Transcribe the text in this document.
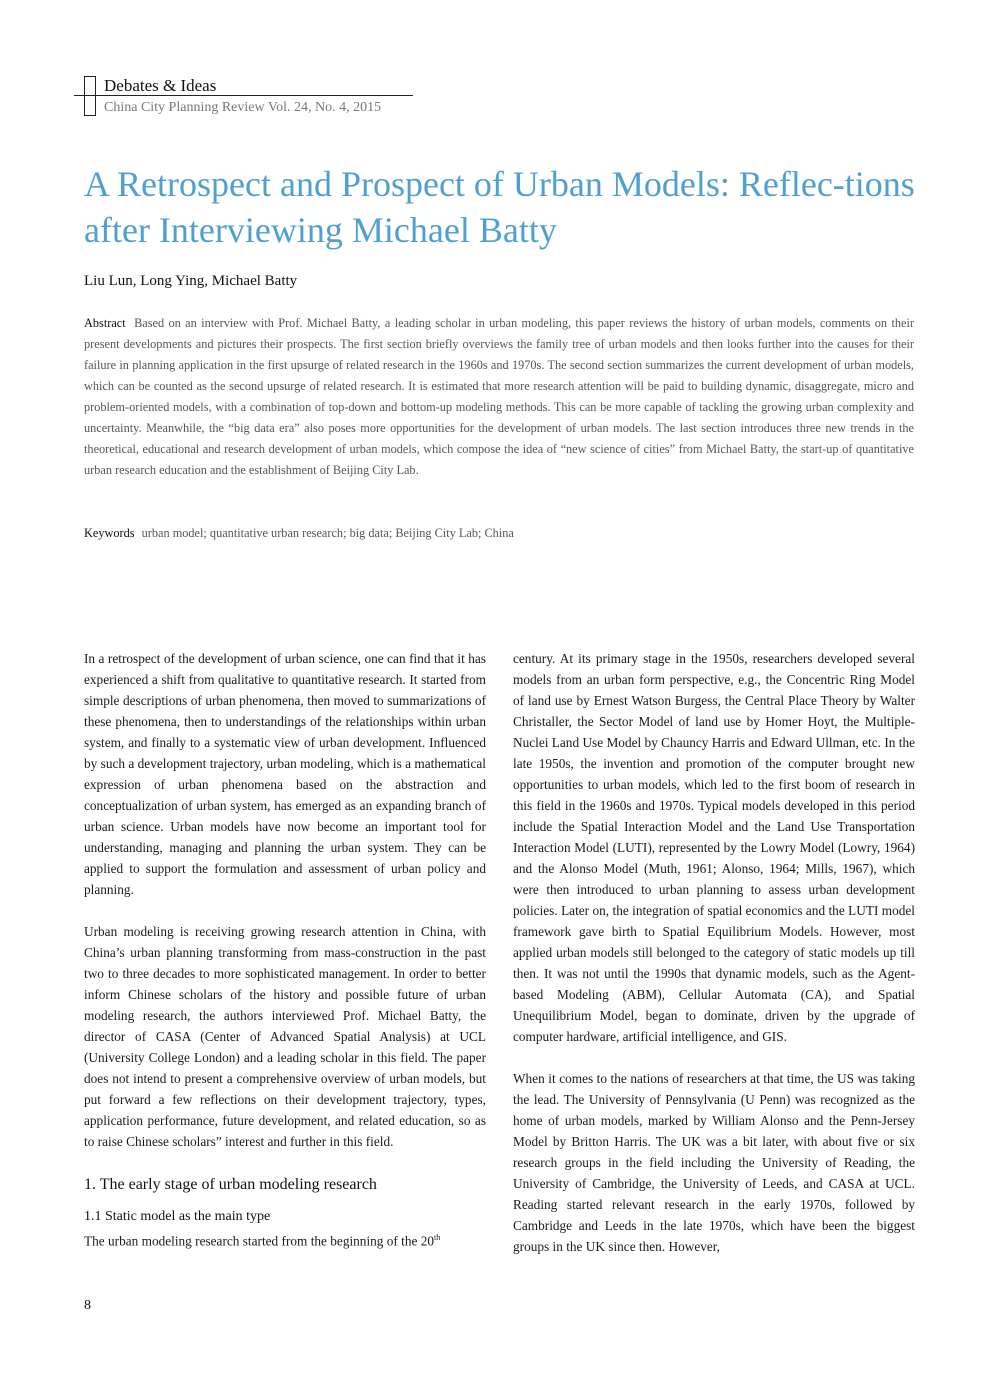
Debates & Ideas
China City Planning Review Vol. 24, No. 4, 2015
A Retrospect and Prospect of Urban Models: Reflec-tions after Interviewing Michael Batty
Liu Lun, Long Ying, Michael Batty

Abstract Based on an interview with Prof. Michael Batty, a leading scholar in urban modeling, this paper reviews the history of urban models, comments on their present developments and pictures their prospects. The first section briefly overviews the family tree of urban models and then looks further into the causes for their failure in planning application in the first upsurge of related research in the 1960s and 1970s. The second section summarizes the current development of urban models, which can be counted as the second upsurge of related research. It is estimated that more research attention will be paid to building dynamic, disaggregate, micro and problem-oriented models, with a combination of top-down and bottom-up modeling methods. This can be more capable of tackling the growing urban complexity and uncertainty. Meanwhile, the “big data era” also poses more opportunities for the development of urban models. The last section introduces three new trends in the theoretical, educational and research development of urban models, which compose the idea of “new science of cities” from Michael Batty, the start-up of quantitative urban research education and the establishment of Beijing City Lab.

Keywords urban model; quantitative urban research; big data; Beijing City Lab; China

In a retrospect of the development of urban science, one can find that it has experienced a shift from qualitative to quantitative research. It started from simple descriptions of urban phenomena, then moved to summarizations of these phenomena, then to understandings of the relationships within urban system, and finally to a systematic view of urban development. Influenced by such a development trajectory, urban modeling, which is a mathematical expression of urban phenomena based on the abstraction and conceptualization of urban system, has emerged as an expanding branch of urban science. Urban models have now become an important tool for understanding, managing and planning the urban system. They can be applied to support the formulation and assessment of urban policy and planning.

Urban modeling is receiving growing research attention in China, with China’s urban planning transforming from mass-construction in the past two to three decades to more sophisticated management. In order to better inform Chinese scholars of the history and possible future of urban modeling research, the authors interviewed Prof. Michael Batty, the director of CASA (Center of Advanced Spatial Analysis) at UCL (University College London) and a leading scholar in this field. The paper does not intend to present a comprehensive overview of urban models, but put forward a few reflections on their development trajectory, types, application performance, future development, and related education, so as to raise Chinese scholars” interest and further in this field.

1. The early stage of urban modeling research
1.1 Static model as the main type

The urban modeling research started from the beginning of the 20th

century. At its primary stage in the 1950s, researchers developed several models from an urban form perspective, e.g., the Concentric Ring Model of land use by Ernest Watson Burgess, the Central Place Theory by Walter Christaller, the Sector Model of land use by Homer Hoyt, the Multiple-Nuclei Land Use Model by Chauncy Harris and Edward Ullman, etc. In the late 1950s, the invention and promotion of the computer brought new opportunities to urban models, which led to the first boom of research in this field in the 1960s and 1970s. Typical models developed in this period include the Spatial Interaction Model and the Land Use Transportation Interaction Model (LUTI), represented by the Lowry Model (Lowry, 1964) and the Alonso Model (Muth, 1961; Alonso, 1964; Mills, 1967), which were then introduced to urban planning to assess urban development policies. Later on, the integration of spatial economics and the LUTI model framework gave birth to Spatial Equilibrium Models. However, most applied urban models still belonged to the category of static models up till then. It was not until the 1990s that dynamic models, such as the Agent-based Modeling (ABM), Cellular Automata (CA), and Spatial Unequilibrium Model, began to dominate, driven by the upgrade of computer hardware, artificial intelligence, and GIS.

When it comes to the nations of researchers at that time, the US was taking the lead. The University of Pennsylvania (U Penn) was recognized as the home of urban models, marked by William Alonso and the Penn-Jersey Model by Britton Harris. The UK was a bit later, with about five or six research groups in the field including the University of Reading, the University of Cambridge, the University of Leeds, and CASA at UCL. Reading started relevant research in the early 1970s, followed by Cambridge and Leeds in the late 1970s, which have been the biggest groups in the UK since then. However,

8
